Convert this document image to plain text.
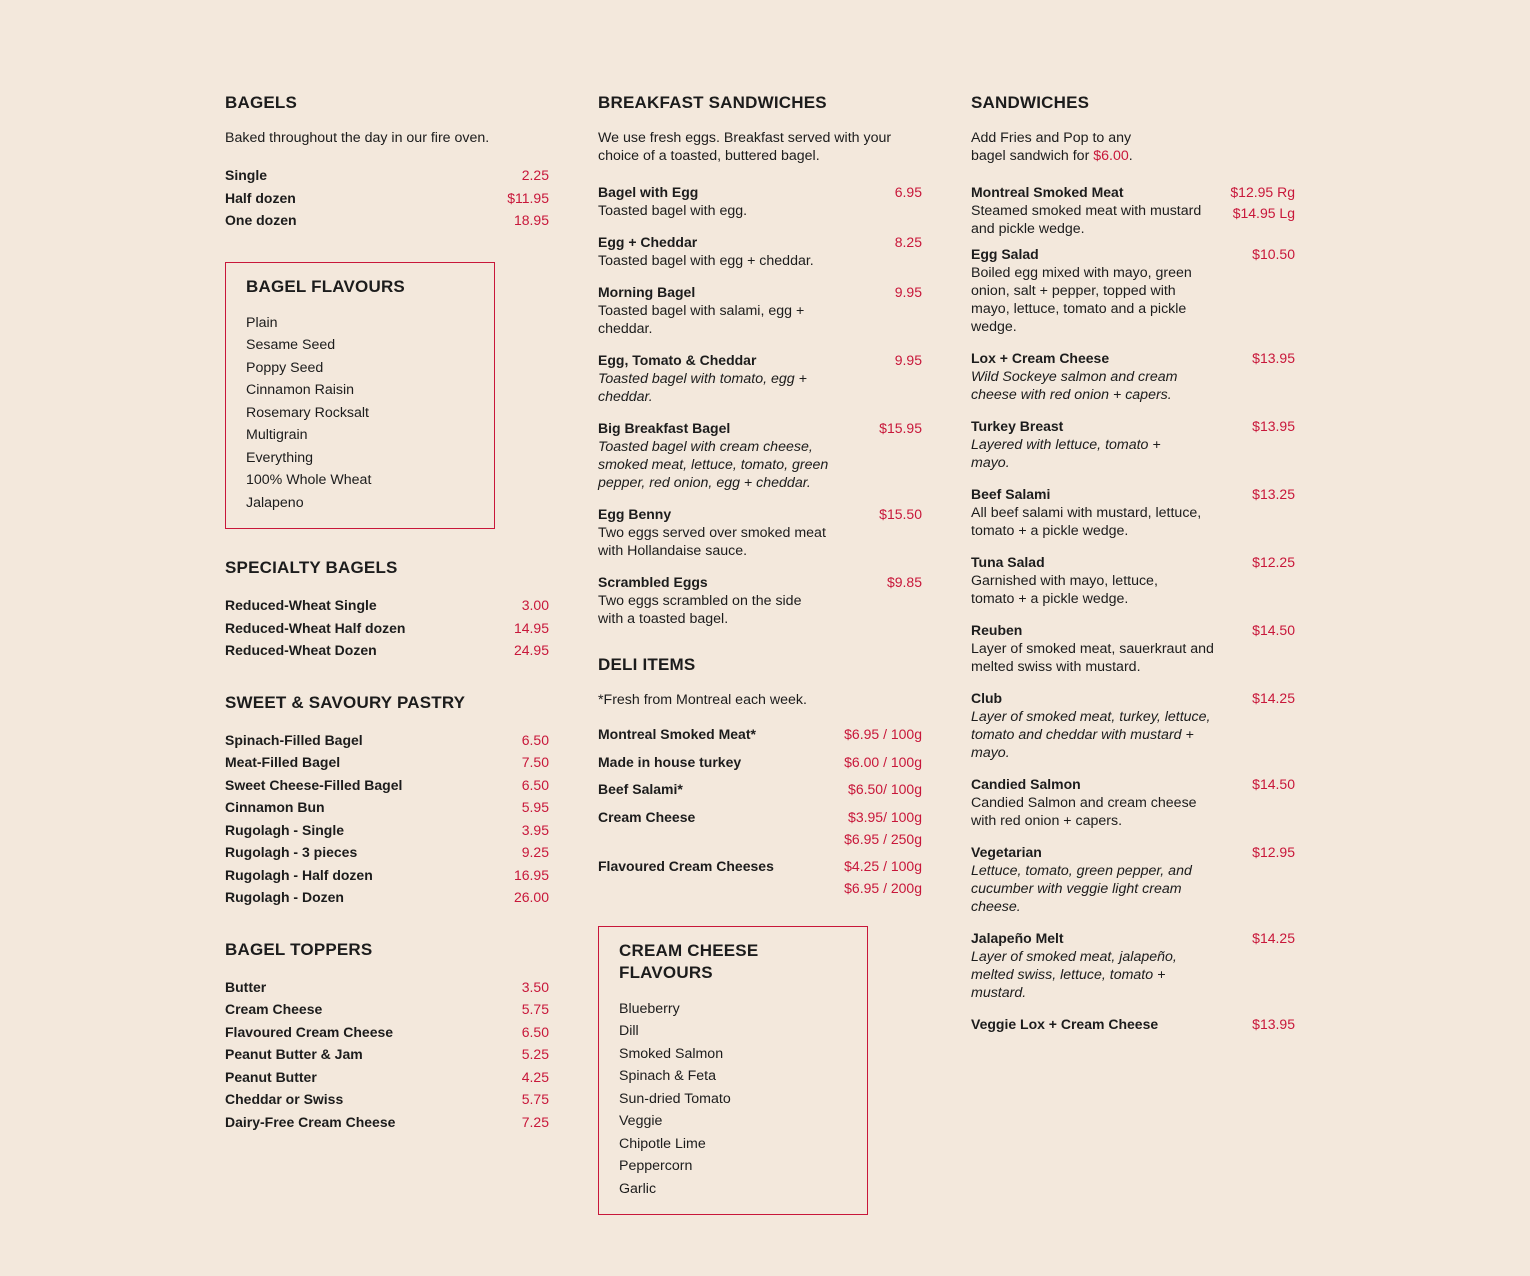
BAGELS

Baked throughout the day in our fire oven.

Single	2.25
Half dozen	$11.95
One dozen	18.95
BAGEL FLAVOURS
Plain
Sesame Seed
Poppy Seed
Cinnamon Raisin
Rosemary Rocksalt
Multigrain
Everything
100% Whole Wheat
Jalapeno
SPECIALTY BAGELS
Reduced-Wheat Single	3.00
Reduced-Wheat Half dozen	14.95
Reduced-Wheat Dozen	24.95
SWEET & SAVOURY PASTRY
Spinach-Filled Bagel	6.50
Meat-Filled Bagel	7.50
Sweet Cheese-Filled Bagel	6.50
Cinnamon Bun	5.95
Rugolagh - Single	3.95
Rugolagh - 3 pieces	9.25
Rugolagh - Half dozen	16.95
Rugolagh - Dozen	26.00
BAGEL TOPPERS
Butter	3.50
Cream Cheese	5.75
Flavoured Cream Cheese	6.50
Peanut Butter & Jam	5.25
Peanut Butter	4.25
Cheddar or Swiss	5.75
Dairy-Free Cream Cheese	7.25
BREAKFAST SANDWICHES

We use fresh eggs. Breakfast served with your choice of a toasted, buttered bagel.

Bagel with Egg	6.95
Toasted bagel with egg.
Egg + Cheddar	8.25
Toasted bagel with egg + cheddar.
Morning Bagel	9.95
Toasted bagel with salami, egg + cheddar.
Egg, Tomato & Cheddar	9.95
Toasted bagel with tomato, egg + cheddar.
Big Breakfast Bagel	$15.95
Toasted bagel with cream cheese, smoked meat, lettuce, tomato, green pepper, red onion, egg + cheddar.
Egg Benny	$15.50
Two eggs served over smoked meat with Hollandaise sauce.
Scrambled Eggs	$9.85
Two eggs scrambled on the side with a toasted bagel.
DELI ITEMS

*Fresh from Montreal each week.

Montreal Smoked Meat*	$6.95 / 100g
Made in house turkey	$6.00 / 100g
Beef Salami*	$6.50/ 100g
Cream Cheese	$3.95/ 100g
$6.95 / 250g
Flavoured Cream Cheeses	$4.25 / 100g
$6.95 / 200g
CREAM CHEESE FLAVOURS
Blueberry
Dill
Smoked Salmon
Spinach & Feta
Sun-dried Tomato
Veggie
Chipotle Lime
Peppercorn
Garlic
SANDWICHES

Add Fries and Pop to any
bagel sandwich for $6.00.

Montreal Smoked Meat	$12.95 Rg
$14.95 Lg
Steamed smoked meat with mustard and pickle wedge.
Egg Salad	$10.50
Boiled egg mixed with mayo, green onion, salt + pepper, topped with mayo, lettuce, tomato and a pickle wedge.
Lox + Cream Cheese	$13.95
Wild Sockeye salmon and cream cheese with red onion + capers.
Turkey Breast	$13.95
Layered with lettuce, tomato + mayo.
Beef Salami	$13.25
All beef salami with mustard, lettuce, tomato + a pickle wedge.
Tuna Salad	$12.25
Garnished with mayo, lettuce, tomato + a pickle wedge.
Reuben	$14.50
Layer of smoked meat, sauerkraut and melted swiss with mustard.
Club	$14.25
Layer of smoked meat, turkey, lettuce, tomato and cheddar with mustard + mayo.
Candied Salmon	$14.50
Candied Salmon and cream cheese with red onion + capers.
Vegetarian	$12.95
Lettuce, tomato, green pepper, and cucumber with veggie light cream cheese.
Jalapeño Melt	$14.25
Layer of smoked meat, jalapeño, melted swiss, lettuce, tomato + mustard.
Veggie Lox + Cream Cheese	$13.95
